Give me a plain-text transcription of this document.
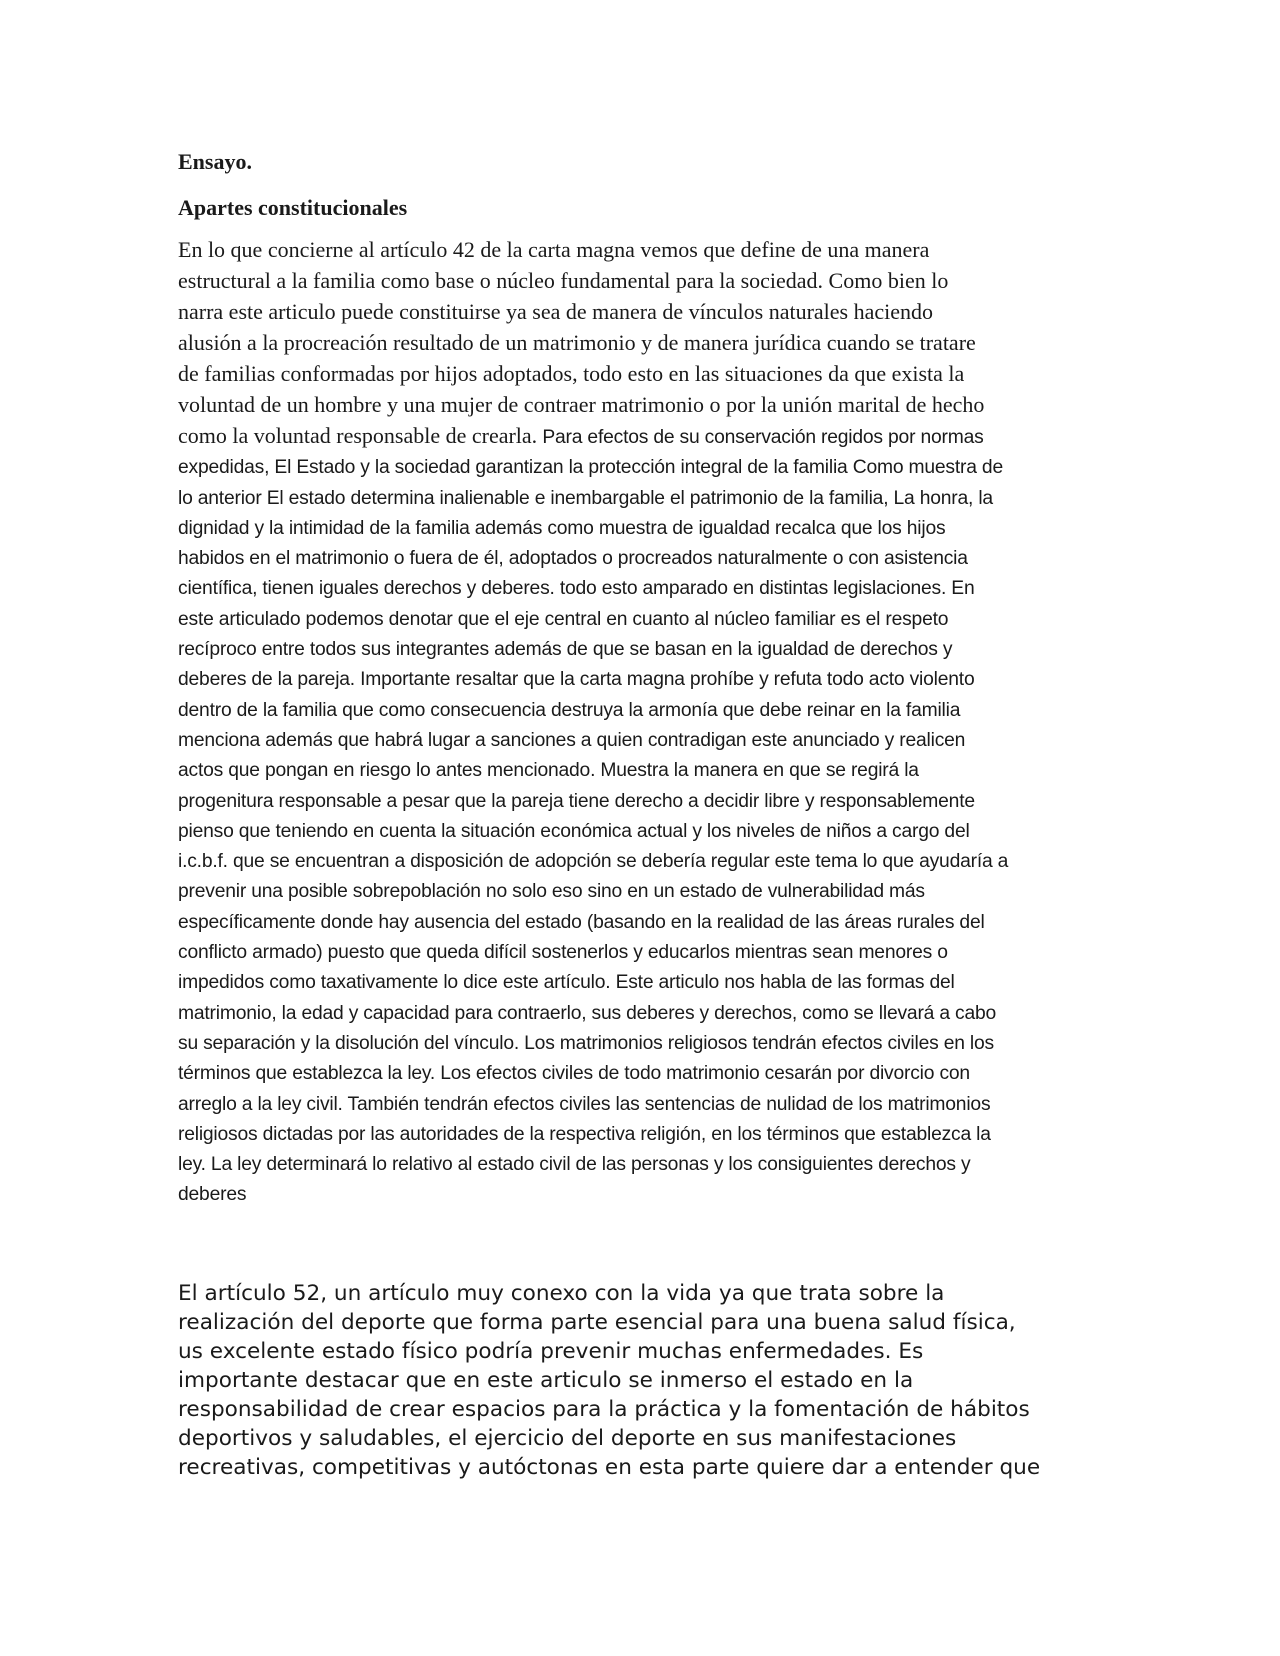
Ensayo.
Apartes constitucionales
En lo que concierne al artículo 42 de la carta magna vemos que define de una manera
estructural a la familia como base o núcleo fundamental para la sociedad. Como bien lo
narra este articulo puede constituirse ya sea de manera de vínculos naturales haciendo
alusión a la procreación resultado de un matrimonio y de manera jurídica cuando se tratare
de familias conformadas por hijos adoptados, todo esto en las situaciones da que exista la
voluntad de un hombre y una mujer de contraer matrimonio o por la unión marital de hecho
como la voluntad responsable de crearla. Para efectos de su conservación regidos por normas
expedidas, El Estado y la sociedad garantizan la protección integral de la familia Como muestra de
lo anterior El estado determina inalienable e inembargable el patrimonio de la familia, La honra, la
dignidad y la intimidad de la familia además como muestra de igualdad recalca que los hijos
habidos en el matrimonio o fuera de él, adoptados o procreados naturalmente o con asistencia
científica, tienen iguales derechos y deberes. todo esto amparado en distintas legislaciones. En
este articulado podemos denotar que el eje central en cuanto al núcleo familiar es el respeto
recíproco entre todos sus integrantes además de que se basan en la igualdad de derechos y
deberes de la pareja. Importante resaltar que la carta magna prohíbe y refuta todo acto violento
dentro de la familia que como consecuencia destruya la armonía que debe reinar en la familia
menciona además que habrá lugar a sanciones a quien contradigan este anunciado y realicen
actos que pongan en riesgo lo antes mencionado. Muestra la manera en que se regirá la
progenitura responsable a pesar que la pareja tiene derecho a decidir libre y responsablemente
pienso que teniendo en cuenta la situación económica actual y los niveles de niños a cargo del
i.c.b.f. que se encuentran a disposición de adopción se debería regular este tema lo que ayudaría a
prevenir una posible sobrepoblación no solo eso sino en un estado de vulnerabilidad más
específicamente donde hay ausencia del estado (basando en la realidad de las áreas rurales del
conflicto armado) puesto que queda difícil sostenerlos y educarlos mientras sean menores o
impedidos como taxativamente lo dice este artículo. Este articulo nos habla de las formas del
matrimonio, la edad y capacidad para contraerlo, sus deberes y derechos, como se llevará a cabo
su separación y la disolución del vínculo. Los matrimonios religiosos tendrán efectos civiles en los
términos que establezca la ley. Los efectos civiles de todo matrimonio cesarán por divorcio con
arreglo a la ley civil. También tendrán efectos civiles las sentencias de nulidad de los matrimonios
religiosos dictadas por las autoridades de la respectiva religión, en los términos que establezca la
ley. La ley determinará lo relativo al estado civil de las personas y los consiguientes derechos y
deberes
El artículo 52, un artículo muy conexo con la vida ya que trata sobre la
realización del deporte que forma parte esencial para una buena salud física,
us excelente estado físico podría prevenir muchas enfermedades. Es
importante destacar que en este articulo se inmerso el estado en la
responsabilidad de crear espacios para la práctica y la fomentación de hábitos
deportivos y saludables, el ejercicio del deporte en sus manifestaciones
recreativas, competitivas y autóctonas en esta parte quiere dar a entender que
